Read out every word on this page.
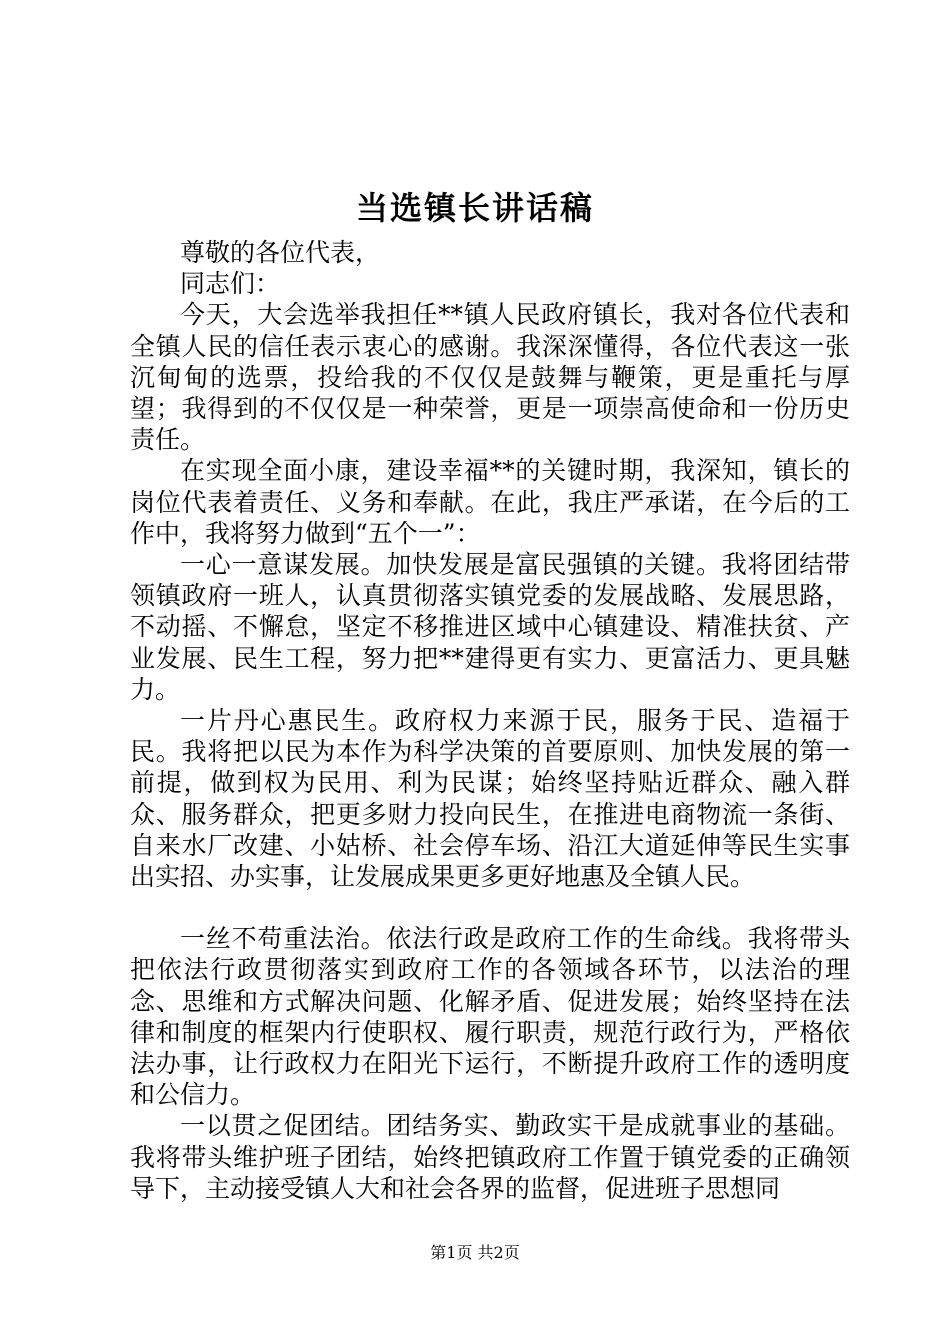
当选镇长讲话稿

尊敬的各位代表，

同志们：

今天，大会选举我担任**镇人民政府镇长，我对各位代表和全镇人民的信任表示衷心的感谢。我深深懂得，各位代表这一张沉甸甸的选票，投给我的不仅仅是鼓舞与鞭策，更是重托与厚望；我得到的不仅仅是一种荣誉，更是一项崇高使命和一份历史责任。

在实现全面小康，建设幸福**的关键时期，我深知，镇长的岗位代表着责任、义务和奉献。在此，我庄严承诺，在今后的工作中，我将努力做到“五个一”：

一心一意谋发展。加快发展是富民强镇的关键。我将团结带领镇政府一班人，认真贯彻落实镇党委的发展战略、发展思路，不动摇、不懈怠，坚定不移推进区域中心镇建设、精准扶贫、产业发展、民生工程，努力把**建得更有实力、更富活力、更具魅力。

一片丹心惠民生。政府权力来源于民，服务于民、造福于民。我将把以民为本作为科学决策的首要原则、加快发展的第一前提，做到权为民用、利为民谋；始终坚持贴近群众、融入群众、服务群众，把更多财力投向民生，在推进电商物流一条街、自来水厂改建、小姑桥、社会停车场、沿江大道延伸等民生实事出实招、办实事，让发展成果更多更好地惠及全镇人民。

一丝不苟重法治。依法行政是政府工作的生命线。我将带头把依法行政贯彻落实到政府工作的各领域各环节，以法治的理念、思维和方式解决问题、化解矛盾、促进发展；始终坚持在法律和制度的框架内行使职权、履行职责，规范行政行为，严格依法办事，让行政权力在阳光下运行，不断提升政府工作的透明度和公信力。

一以贯之促团结。团结务实、勤政实干是成就事业的基础。我将带头维护班子团结，始终把镇政府工作置于镇党委的正确领导下，主动接受镇人大和社会各界的监督，促进班子思想同

第1页 共2页
